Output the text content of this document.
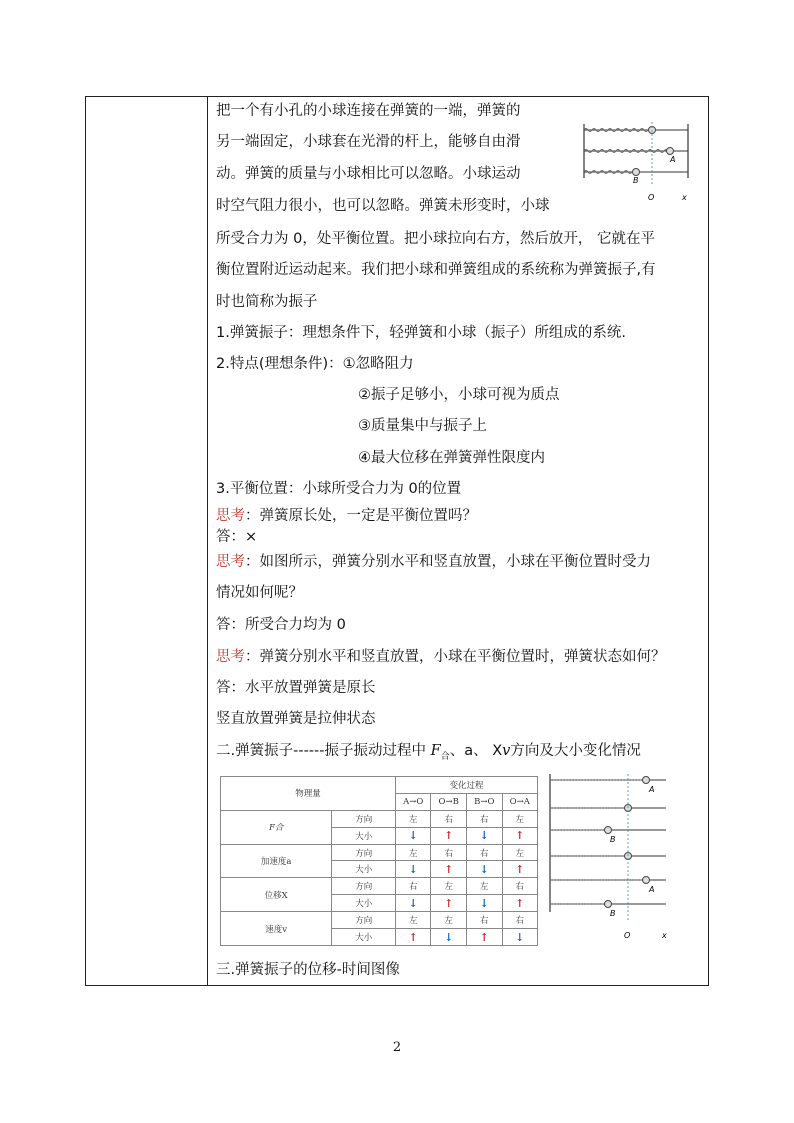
把一个有小孔的小球连接在弹簧的一端，弹簧的
另一端固定，小球套在光滑的杆上，能够自由滑
动。弹簧的质量与小球相比可以忽略。小球运动
时空气阻力很小，也可以忽略。弹簧未形变时，小球
所受合力为 0，处平衡位置。把小球拉向右方，然后放开， 它就在平
衡位置附近运动起来。我们把小球和弹簧组成的系统称为弹簧振子,有
时也简称为振子
1.弹簧振子：理想条件下，轻弹簧和小球（振子）所组成的系统.
2.特点(理想条件)：①忽略阻力
②振子足够小，小球可视为质点
③质量集中与振子上
④最大位移在弹簧弹性限度内
3.平衡位置：小球所受合力为 0的位置
思考：弹簧原长处，一定是平衡位置吗？
答：×
思考：如图所示，弹簧分别水平和竖直放置，小球在平衡位置时受力
情况如何呢？
答：所受合力均为 0
思考：弹簧分别水平和竖直放置，小球在平衡位置时，弹簧状态如何？
答：水平放置弹簧是原长
竖直放置弹簧是拉伸状态
二.弹簧振子------振子振动过程中 $F_合$、a、 Xv方向及大小变化情况
三.弹簧振子的位移-时间图像
A
B
O	x
物理量		变化过程			
		A→O	O→B	B→O	O→A
F合	方向	左	右	右	左
	大小	↓	↑	↓	↑
加速度a	方向	左	右	右	左
	大小	↓	↑	↓	↑
位移X	方向	右	左	左	右
	大小	↓	↑	↓	↑
速度v	方向	左	左	右	右
	大小	↑	↓	↑	↓
A
B
A
B
O	x
2
